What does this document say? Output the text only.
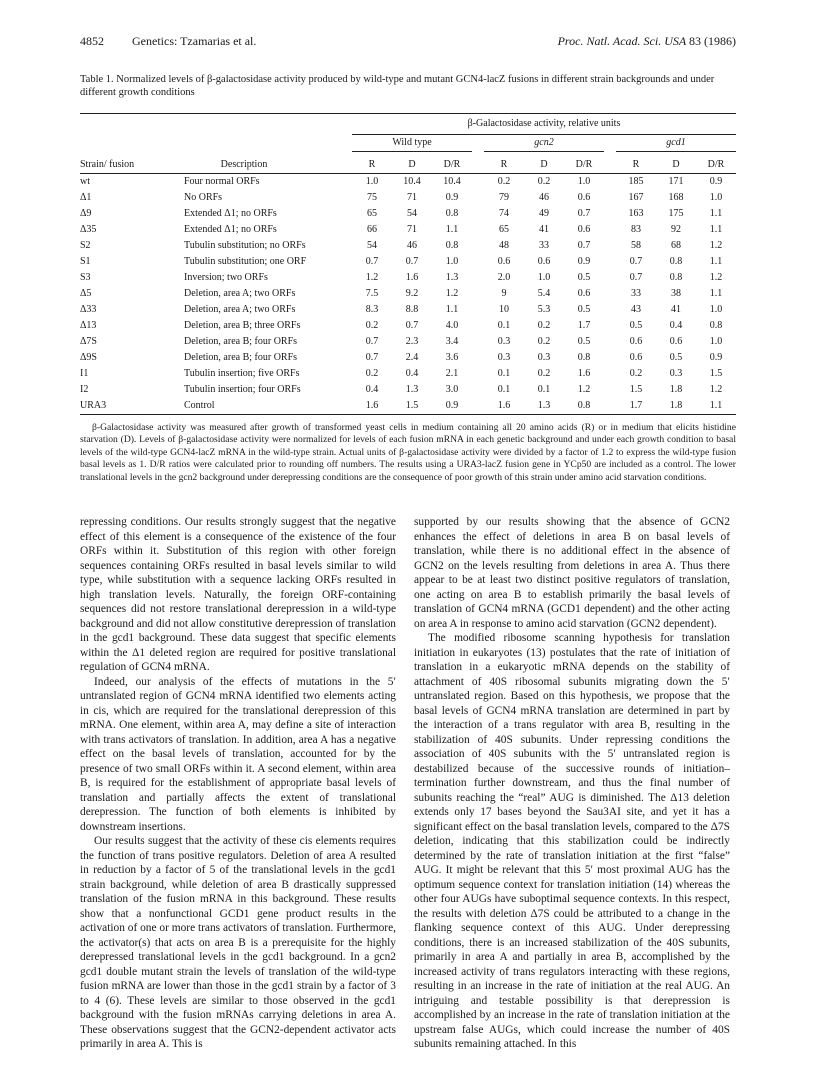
4852 Genetics: Tzamarias et al.	Proc. Natl. Acad. Sci. USA 83 (1986)
Table 1. Normalized levels of β-galactosidase activity produced by wild-type and mutant GCN4-lacZ fusions in different strain backgrounds and under different growth conditions
		β-Galactosidase activity, relative units										
		Wild type				gcn2				gcd1		
Strain/ fusion	Description	R	D	D/R		R	D	D/R		R	D	D/R
wt	Four normal ORFs	1.0	10.4	10.4		0.2	0.2	1.0		185	171	0.9
Δ1	No ORFs	75	71	0.9		79	46	0.6		167	168	1.0
Δ9	Extended Δ1; no ORFs	65	54	0.8		74	49	0.7		163	175	1.1
Δ35	Extended Δ1; no ORFs	66	71	1.1		65	41	0.6		83	92	1.1
S2	Tubulin substitution; no ORFs	54	46	0.8		48	33	0.7		58	68	1.2
S1	Tubulin substitution; one ORF	0.7	0.7	1.0		0.6	0.6	0.9		0.7	0.8	1.1
S3	Inversion; two ORFs	1.2	1.6	1.3		2.0	1.0	0.5		0.7	0.8	1.2
Δ5	Deletion, area A; two ORFs	7.5	9.2	1.2		9	5.4	0.6		33	38	1.1
Δ33	Deletion, area A; two ORFs	8.3	8.8	1.1		10	5.3	0.5		43	41	1.0
Δ13	Deletion, area B; three ORFs	0.2	0.7	4.0		0.1	0.2	1.7		0.5	0.4	0.8
Δ7S	Deletion, area B; four ORFs	0.7	2.3	3.4		0.3	0.2	0.5		0.6	0.6	1.0
Δ9S	Deletion, area B; four ORFs	0.7	2.4	3.6		0.3	0.3	0.8		0.6	0.5	0.9
I1	Tubulin insertion; five ORFs	0.2	0.4	2.1		0.1	0.2	1.6		0.2	0.3	1.5
I2	Tubulin insertion; four ORFs	0.4	1.3	3.0		0.1	0.1	1.2		1.5	1.8	1.2
URA3	Control	1.6	1.5	0.9		1.6	1.3	0.8		1.7	1.8	1.1

β-Galactosidase activity was measured after growth of transformed yeast cells in medium containing all 20 amino acids (R) or in medium that elicits histidine starvation (D). Levels of β-galactosidase activity were normalized for levels of each fusion mRNA in each genetic background and under each growth condition to basal levels of the wild-type GCN4-lacZ mRNA in the wild-type strain. Actual units of β-galactosidase activity were divided by a factor of 1.2 to express the wild-type fusion basal levels as 1. D/R ratios were calculated prior to rounding off numbers. The results using a URA3-lacZ fusion gene in YCp50 are included as a control. The lower translational levels in the gcn2 background under derepressing conditions are the consequence of poor growth of this strain under amino acid starvation conditions.

repressing conditions. Our results strongly suggest that the negative effect of this element is a consequence of the existence of the four ORFs within it. Substitution of this region with other foreign sequences containing ORFs resulted in basal levels similar to wild type, while substitution with a sequence lacking ORFs resulted in high translation levels. Naturally, the foreign ORF-containing sequences did not restore translational derepression in a wild-type background and did not allow constitutive derepression of translation in the gcd1 background. These data suggest that specific elements within the Δ1 deleted region are required for positive translational regulation of GCN4 mRNA.

Indeed, our analysis of the effects of mutations in the 5′ untranslated region of GCN4 mRNA identified two elements acting in cis, which are required for the translational derepression of this mRNA. One element, within area A, may define a site of interaction with trans activators of translation. In addition, area A has a negative effect on the basal levels of translation, accounted for by the presence of two small ORFs within it. A second element, within area B, is required for the establishment of appropriate basal levels of translation and partially affects the extent of translational derepression. The function of both elements is inhibited by downstream insertions.

Our results suggest that the activity of these cis elements requires the function of trans positive regulators. Deletion of area A resulted in reduction by a factor of 5 of the translational levels in the gcd1 strain background, while deletion of area B drastically suppressed translation of the fusion mRNA in this background. These results show that a nonfunctional GCD1 gene product results in the activation of one or more trans activators of translation. Furthermore, the activator(s) that acts on area B is a prerequisite for the highly derepressed translational levels in the gcd1 background. In a gcn2 gcd1 double mutant strain the levels of translation of the wild-type fusion mRNA are lower than those in the gcd1 strain by a factor of 3 to 4 (6). These levels are similar to those observed in the gcd1 background with the fusion mRNAs carrying deletions in area A. These observations suggest that the GCN2-dependent activator acts primarily in area A. This is

supported by our results showing that the absence of GCN2 enhances the effect of deletions in area B on basal levels of translation, while there is no additional effect in the absence of GCN2 on the levels resulting from deletions in area A. Thus there appear to be at least two distinct positive regulators of translation, one acting on area B to establish primarily the basal levels of translation of GCN4 mRNA (GCD1 dependent) and the other acting on area A in response to amino acid starvation (GCN2 dependent).

The modified ribosome scanning hypothesis for translation initiation in eukaryotes (13) postulates that the rate of initiation of translation in a eukaryotic mRNA depends on the stability of attachment of 40S ribosomal subunits migrating down the 5′ untranslated region. Based on this hypothesis, we propose that the basal levels of GCN4 mRNA translation are determined in part by the interaction of a trans regulator with area B, resulting in the stabilization of 40S subunits. Under repressing conditions the association of 40S subunits with the 5′ untranslated region is destabilized because of the successive rounds of initiation–termination further downstream, and thus the final number of subunits reaching the “real” AUG is diminished. The Δ13 deletion extends only 17 bases beyond the Sau3AI site, and yet it has a significant effect on the basal translation levels, compared to the Δ7S deletion, indicating that this stabilization could be indirectly determined by the rate of translation initiation at the first “false” AUG. It might be relevant that this 5′ most proximal AUG has the optimum sequence context for translation initiation (14) whereas the other four AUGs have suboptimal sequence contexts. In this respect, the results with deletion Δ7S could be attributed to a change in the flanking sequence context of this AUG. Under derepressing conditions, there is an increased stabilization of the 40S subunits, primarily in area A and partially in area B, accomplished by the increased activity of trans regulators interacting with these regions, resulting in an increase in the rate of initiation at the real AUG. An intriguing and testable possibility is that derepression is accomplished by an increase in the rate of translation initiation at the upstream false AUGs, which could increase the number of 40S subunits remaining attached. In this
